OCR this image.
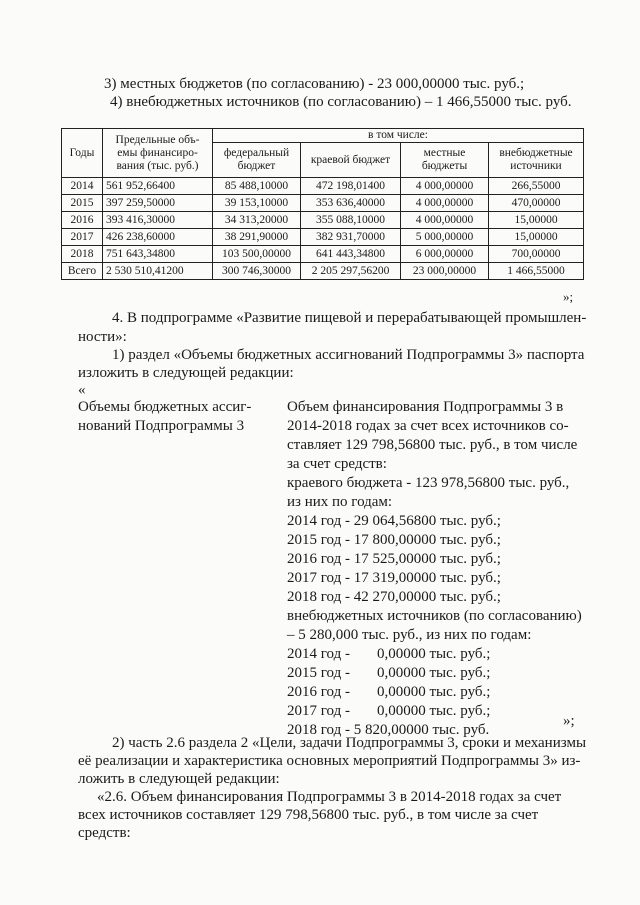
3) местных бюджетов (по согласованию) - 23 000,00000 тыс. руб.;
4) внебюджетных источников (по согласованию) – 1 466,55000 тыс. руб.
Годы	Предельные объ-емы финансиро-вания (тыс. руб.)	в том числе:			
		федеральный бюджет	краевой бюджет	местные бюджеты	внебюджетные источники
2014	561 952,66400	85 488,10000	472 198,01400	4 000,00000	266,55000
2015	397 259,50000	39 153,10000	353 636,40000	4 000,00000	470,00000
2016	393 416,30000	34 313,20000	355 088,10000	4 000,00000	15,00000
2017	426 238,60000	38 291,90000	382 931,70000	5 000,00000	15,00000
2018	751 643,34800	103 500,00000	641 443,34800	6 000,00000	700,00000
Всего	2 530 510,41200	300 746,30000	2 205 297,56200	23 000,00000	1 466,55000
»;
4. В подпрограмме «Развитие пищевой и перерабатывающей промышлен-
ности»:
1) раздел «Объемы бюджетных ассигнований Подпрограммы 3» паспорта
изложить в следующей редакции:
«
Объемы бюджетных ассиг-нований Подпрограммы 3
Объем финансирования Подпрограммы 3 в
2014-2018 годах за счет всех источников со-
ставляет 129 798,56800 тыс. руб., в том числе
за счет средств:
краевого бюджета - 123 978,56800 тыс. руб.,
из них по годам:
2014 год - 29 064,56800 тыс. руб.;
2015 год - 17 800,00000 тыс. руб.;
2016 год - 17 525,00000 тыс. руб.;
2017 год - 17 319,00000 тыс. руб.;
2018 год - 42 270,00000 тыс. руб.;
внебюджетных источников (по согласованию)
– 5 280,000 тыс. руб., из них по годам:
2014 год -	0,00000 тыс. руб.;
2015 год -	0,00000 тыс. руб.;
2016 год -	0,00000 тыс. руб.;
2017 год -	0,00000 тыс. руб.;
2018 год - 5 820,00000 тыс. руб.
»;
2) часть 2.6 раздела 2 «Цели, задачи Подпрограммы 3, сроки и механизмы
её реализации и характеристика основных мероприятий Подпрограммы 3» из-
ложить в следующей редакции:
«2.6. Объем финансирования Подпрограммы 3 в 2014-2018 годах за счет
всех источников составляет 129 798,56800 тыс. руб., в том числе за счет
средств:
